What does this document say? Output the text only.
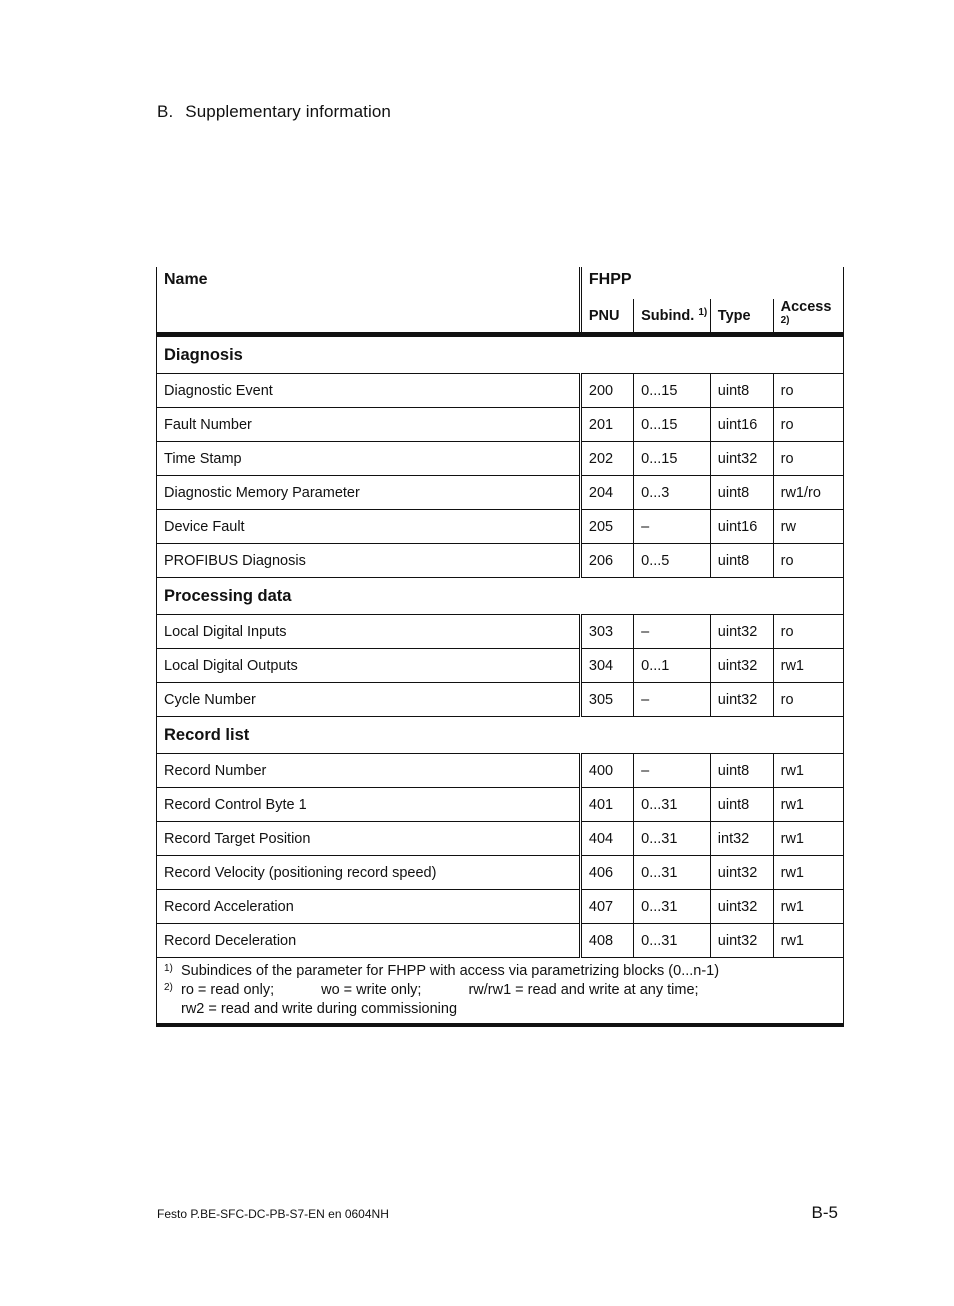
B. Supplementary information
Name	FHPP			
	PNU	Subind. $^{1)}$	Type	Access $^{2)}$
Diagnosis				
Diagnostic Event	200	0...15	uint8	ro
Fault Number	201	0...15	uint16	ro
Time Stamp	202	0...15	uint32	ro
Diagnostic Memory Parameter	204	0...3	uint8	rw1/ro
Device Fault	205	–	uint16	rw
PROFIBUS Diagnosis	206	0...5	uint8	ro
Processing data				
Local Digital Inputs	303	–	uint32	ro
Local Digital Outputs	304	0...1	uint32	rw1
Cycle Number	305	–	uint32	ro
Record list				
Record Number	400	–	uint8	rw1
Record Control Byte 1	401	0...31	uint8	rw1
Record Target Position	404	0...31	int32	rw1
Record Velocity (positioning record speed)	406	0...31	uint32	rw1
Record Acceleration	407	0...31	uint32	rw1
Record Deceleration	408	0...31	uint32	rw1

1) Subindices of the parameter for FHPP with access via parametrizing blocks (0...n-1)
2) ro = read only; wo = write only; rw/rw1 = read and write at any time;
rw2 = read and write during commissioning				
Festo P.BE-SFC-DC-PB-S7-EN en 0604NH	B-5
